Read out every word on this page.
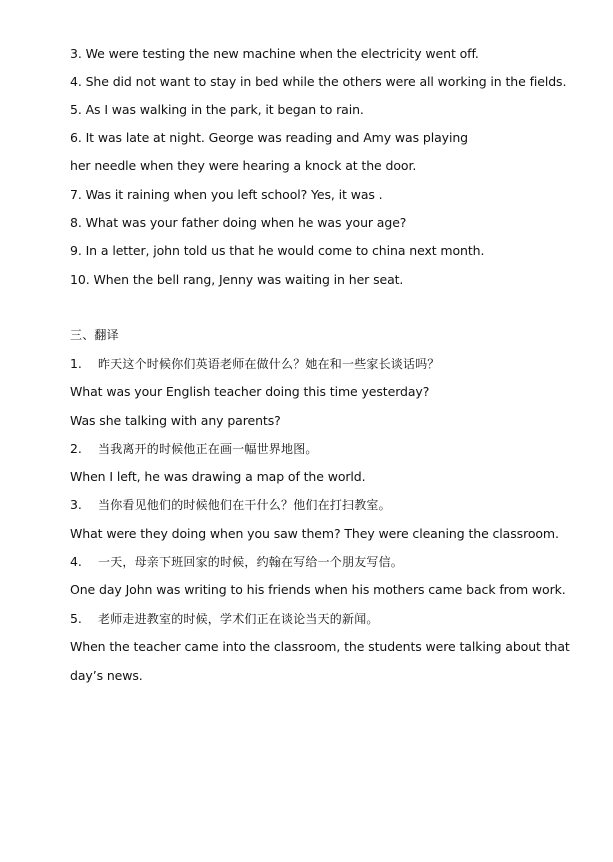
3. We were testing the new machine when the electricity went off.
4. She did not want to stay in bed while the others were all working in the fields.
5. As I was walking in the park, it began to rain.
6. It was late at night. George was reading and Amy was playing
her needle when they were hearing a knock at the door.
7. Was it raining when you left school? Yes, it was .
8. What was your father doing when he was your age?
9. In a letter, john told us that he would come to china next month.
10. When the bell rang, Jenny was waiting in her seat.
三、翻译
1. 昨天这个时候你们英语老师在做什么？她在和一些家长谈话吗？
What was your English teacher doing this time yesterday?
Was she talking with any parents?
2. 当我离开的时候他正在画一幅世界地图。
When I left, he was drawing a map of the world.
3. 当你看见他们的时候他们在干什么？他们在打扫教室。
What were they doing when you saw them? They were cleaning the classroom.
4. 一天，母亲下班回家的时候，约翰在写给一个朋友写信。
One day John was writing to his friends when his mothers came back from work.
5. 老师走进教室的时候，学术们正在谈论当天的新闻。
When the teacher came into the classroom, the students were talking about that
day’s news.
